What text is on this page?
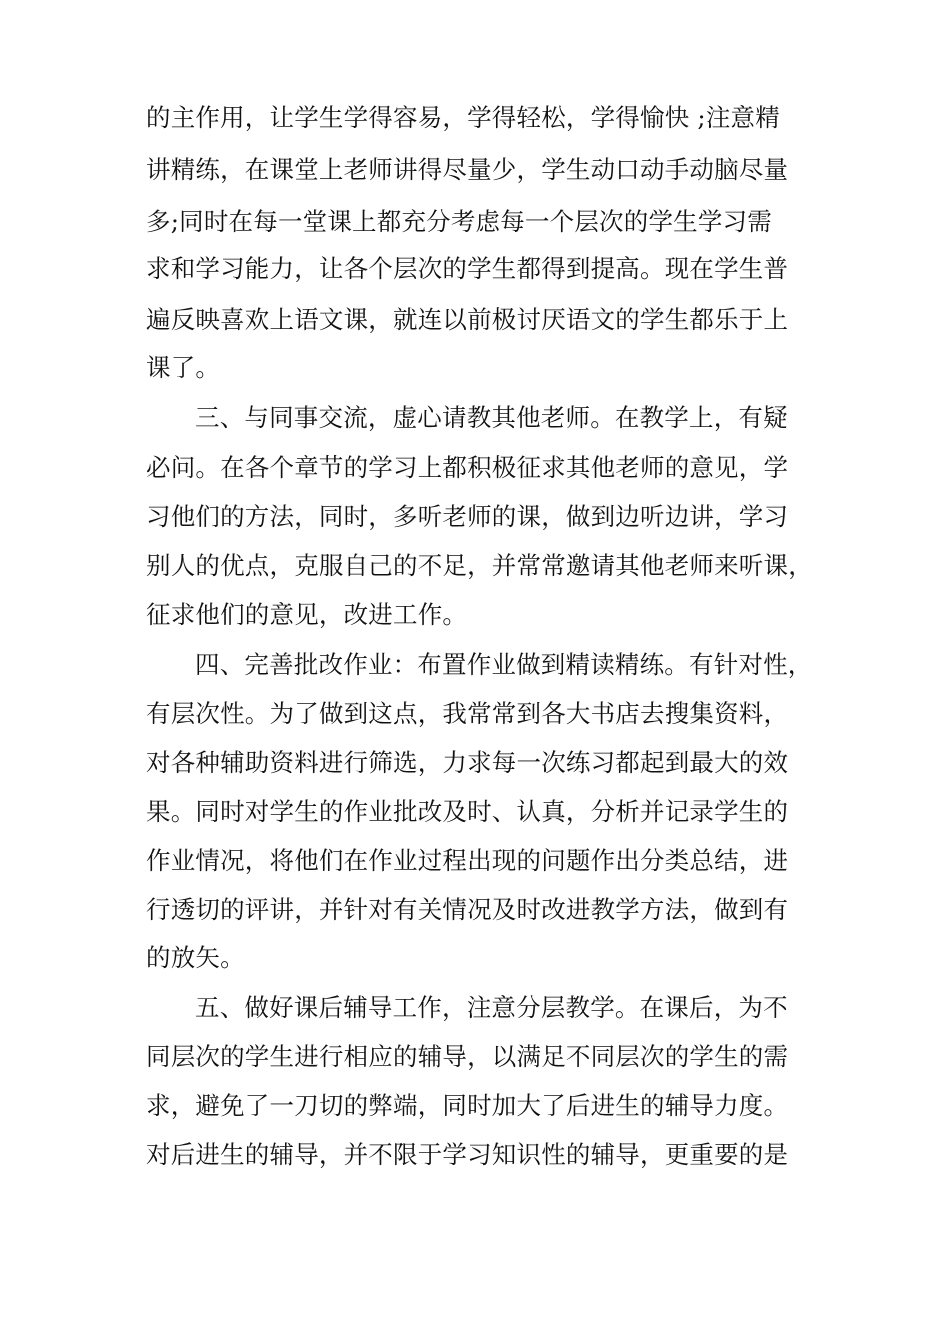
的主作用，让学生学得容易，学得轻松，学得愉快 ;注意精
讲精练，在课堂上老师讲得尽量少，学生动口动手动脑尽量
多;同时在每一堂课上都充分考虑每一个层次的学生学习需
求和学习能力，让各个层次的学生都得到提高。现在学生普
遍反映喜欢上语文课，就连以前极讨厌语文的学生都乐于上
课了。
三、与同事交流，虚心请教其他老师。在教学上，有疑
必问。在各个章节的学习上都积极征求其他老师的意见，学
习他们的方法，同时，多听老师的课，做到边听边讲，学习
别人的优点，克服自己的不足，并常常邀请其他老师来听课，
征求他们的意见，改进工作。
四、完善批改作业：布置作业做到精读精练。有针对性，
有层次性。为了做到这点，我常常到各大书店去搜集资料，
对各种辅助资料进行筛选，力求每一次练习都起到最大的效
果。同时对学生的作业批改及时、认真，分析并记录学生的
作业情况，将他们在作业过程出现的问题作出分类总结，进
行透切的评讲，并针对有关情况及时改进教学方法，做到有
的放矢。
五、做好课后辅导工作，注意分层教学。在课后，为不
同层次的学生进行相应的辅导，以满足不同层次的学生的需
求，避免了一刀切的弊端，同时加大了后进生的辅导力度。
对后进生的辅导，并不限于学习知识性的辅导，更重要的是
